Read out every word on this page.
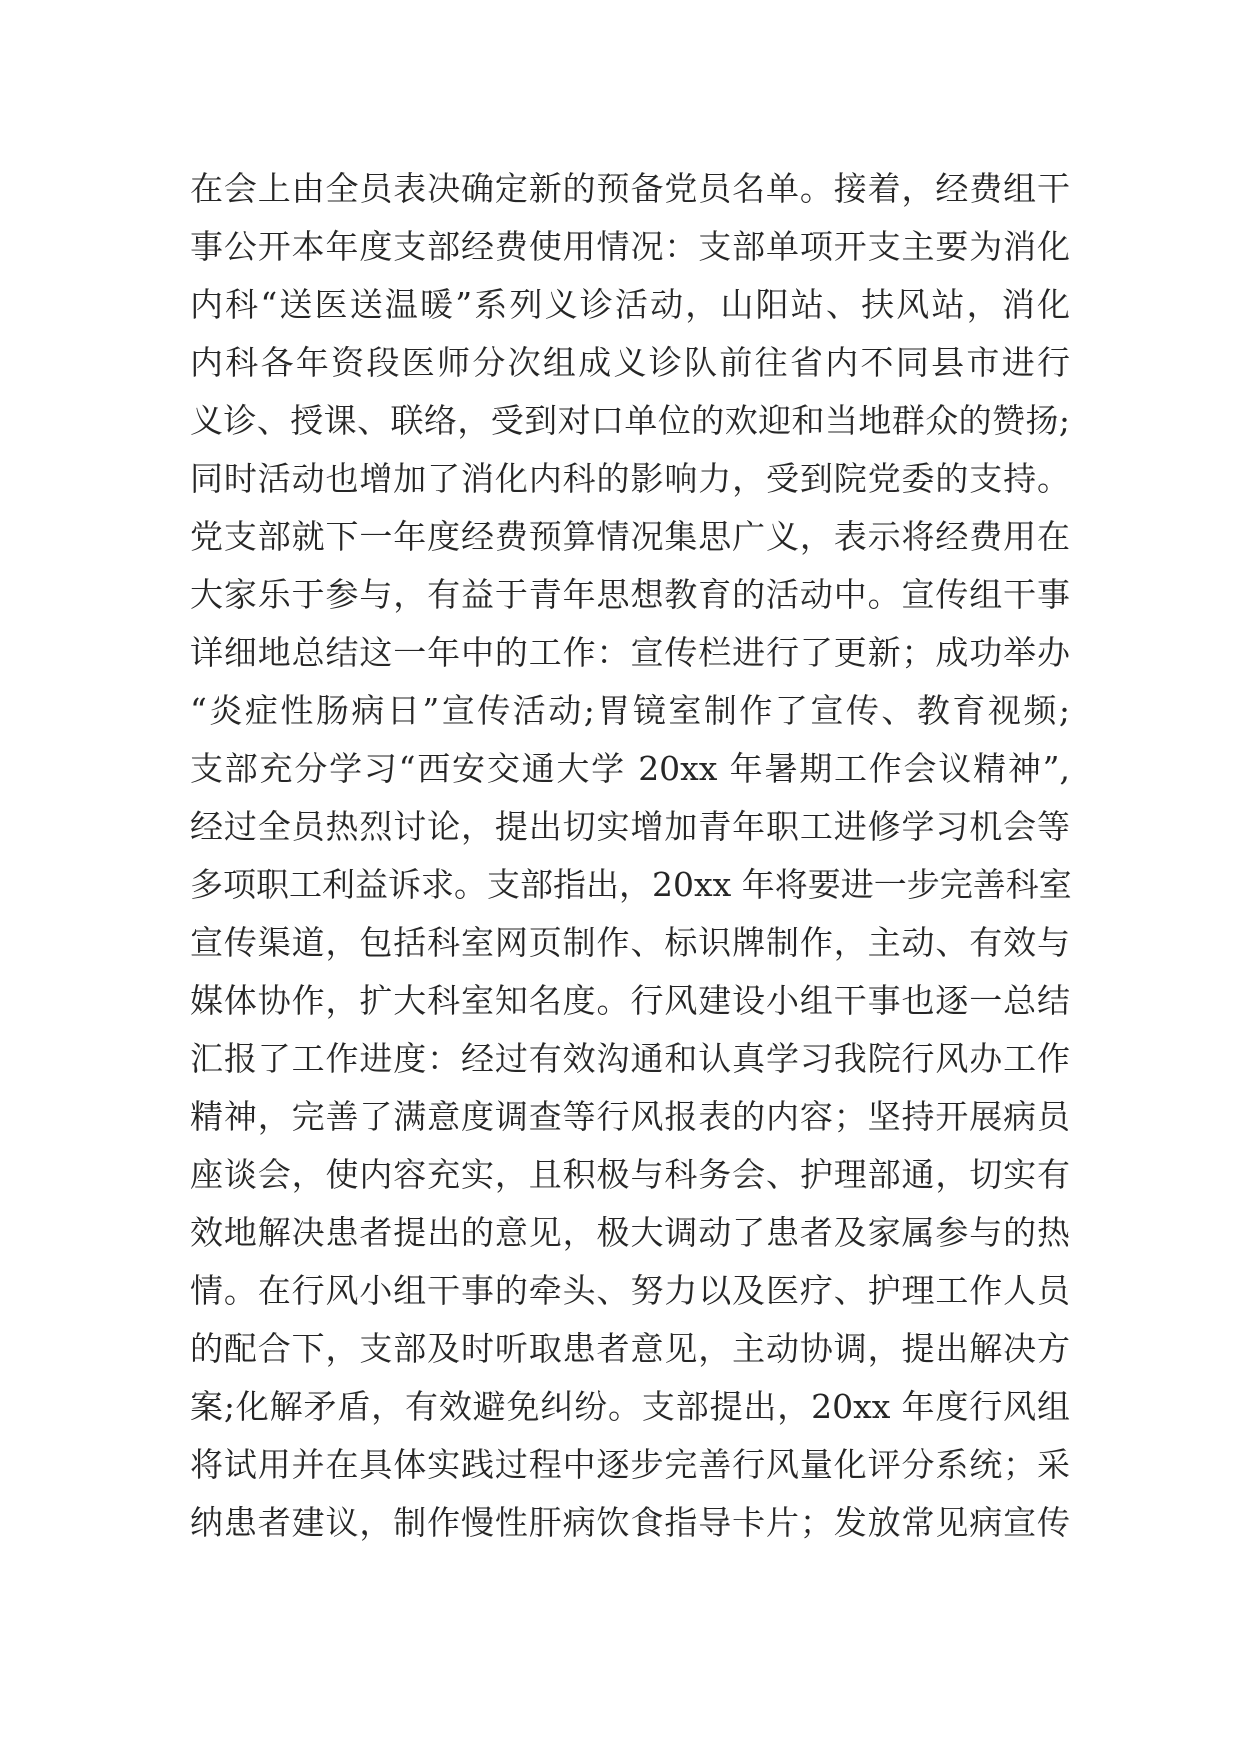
在会上由全员表决确定新的预备党员名单。接着，经费组干
事公开本年度支部经费使用情况：支部单项开支主要为消化
内科“送医送温暖”系列义诊活动，山阳站、扶风站，消化
内科各年资段医师分次组成义诊队前往省内不同县市进行
义诊、授课、联络，受到对口单位的欢迎和当地群众的赞扬;
同时活动也增加了消化内科的影响力，受到院党委的支持。
党支部就下一年度经费预算情况集思广义，表示将经费用在
大家乐于参与，有益于青年思想教育的活动中。宣传组干事
详细地总结这一年中的工作：宣传栏进行了更新；成功举办
“炎症性肠病日”宣传活动;胃镜室制作了宣传、教育视频;
支部充分学习“西安交通大学 20xx 年暑期工作会议精神”,
经过全员热烈讨论，提出切实增加青年职工进修学习机会等
多项职工利益诉求。支部指出，20xx 年将要进一步完善科室
宣传渠道，包括科室网页制作、标识牌制作，主动、有效与
媒体协作，扩大科室知名度。行风建设小组干事也逐一总结
汇报了工作进度：经过有效沟通和认真学习我院行风办工作
精神，完善了满意度调查等行风报表的内容；坚持开展病员
座谈会，使内容充实，且积极与科务会、护理部通，切实有
效地解决患者提出的意见，极大调动了患者及家属参与的热
情。在行风小组干事的牵头、努力以及医疗、护理工作人员
的配合下，支部及时听取患者意见，主动协调，提出解决方
案;化解矛盾，有效避免纠纷。支部提出，20xx 年度行风组
将试用并在具体实践过程中逐步完善行风量化评分系统；采
纳患者建议，制作慢性肝病饮食指导卡片；发放常见病宣传
